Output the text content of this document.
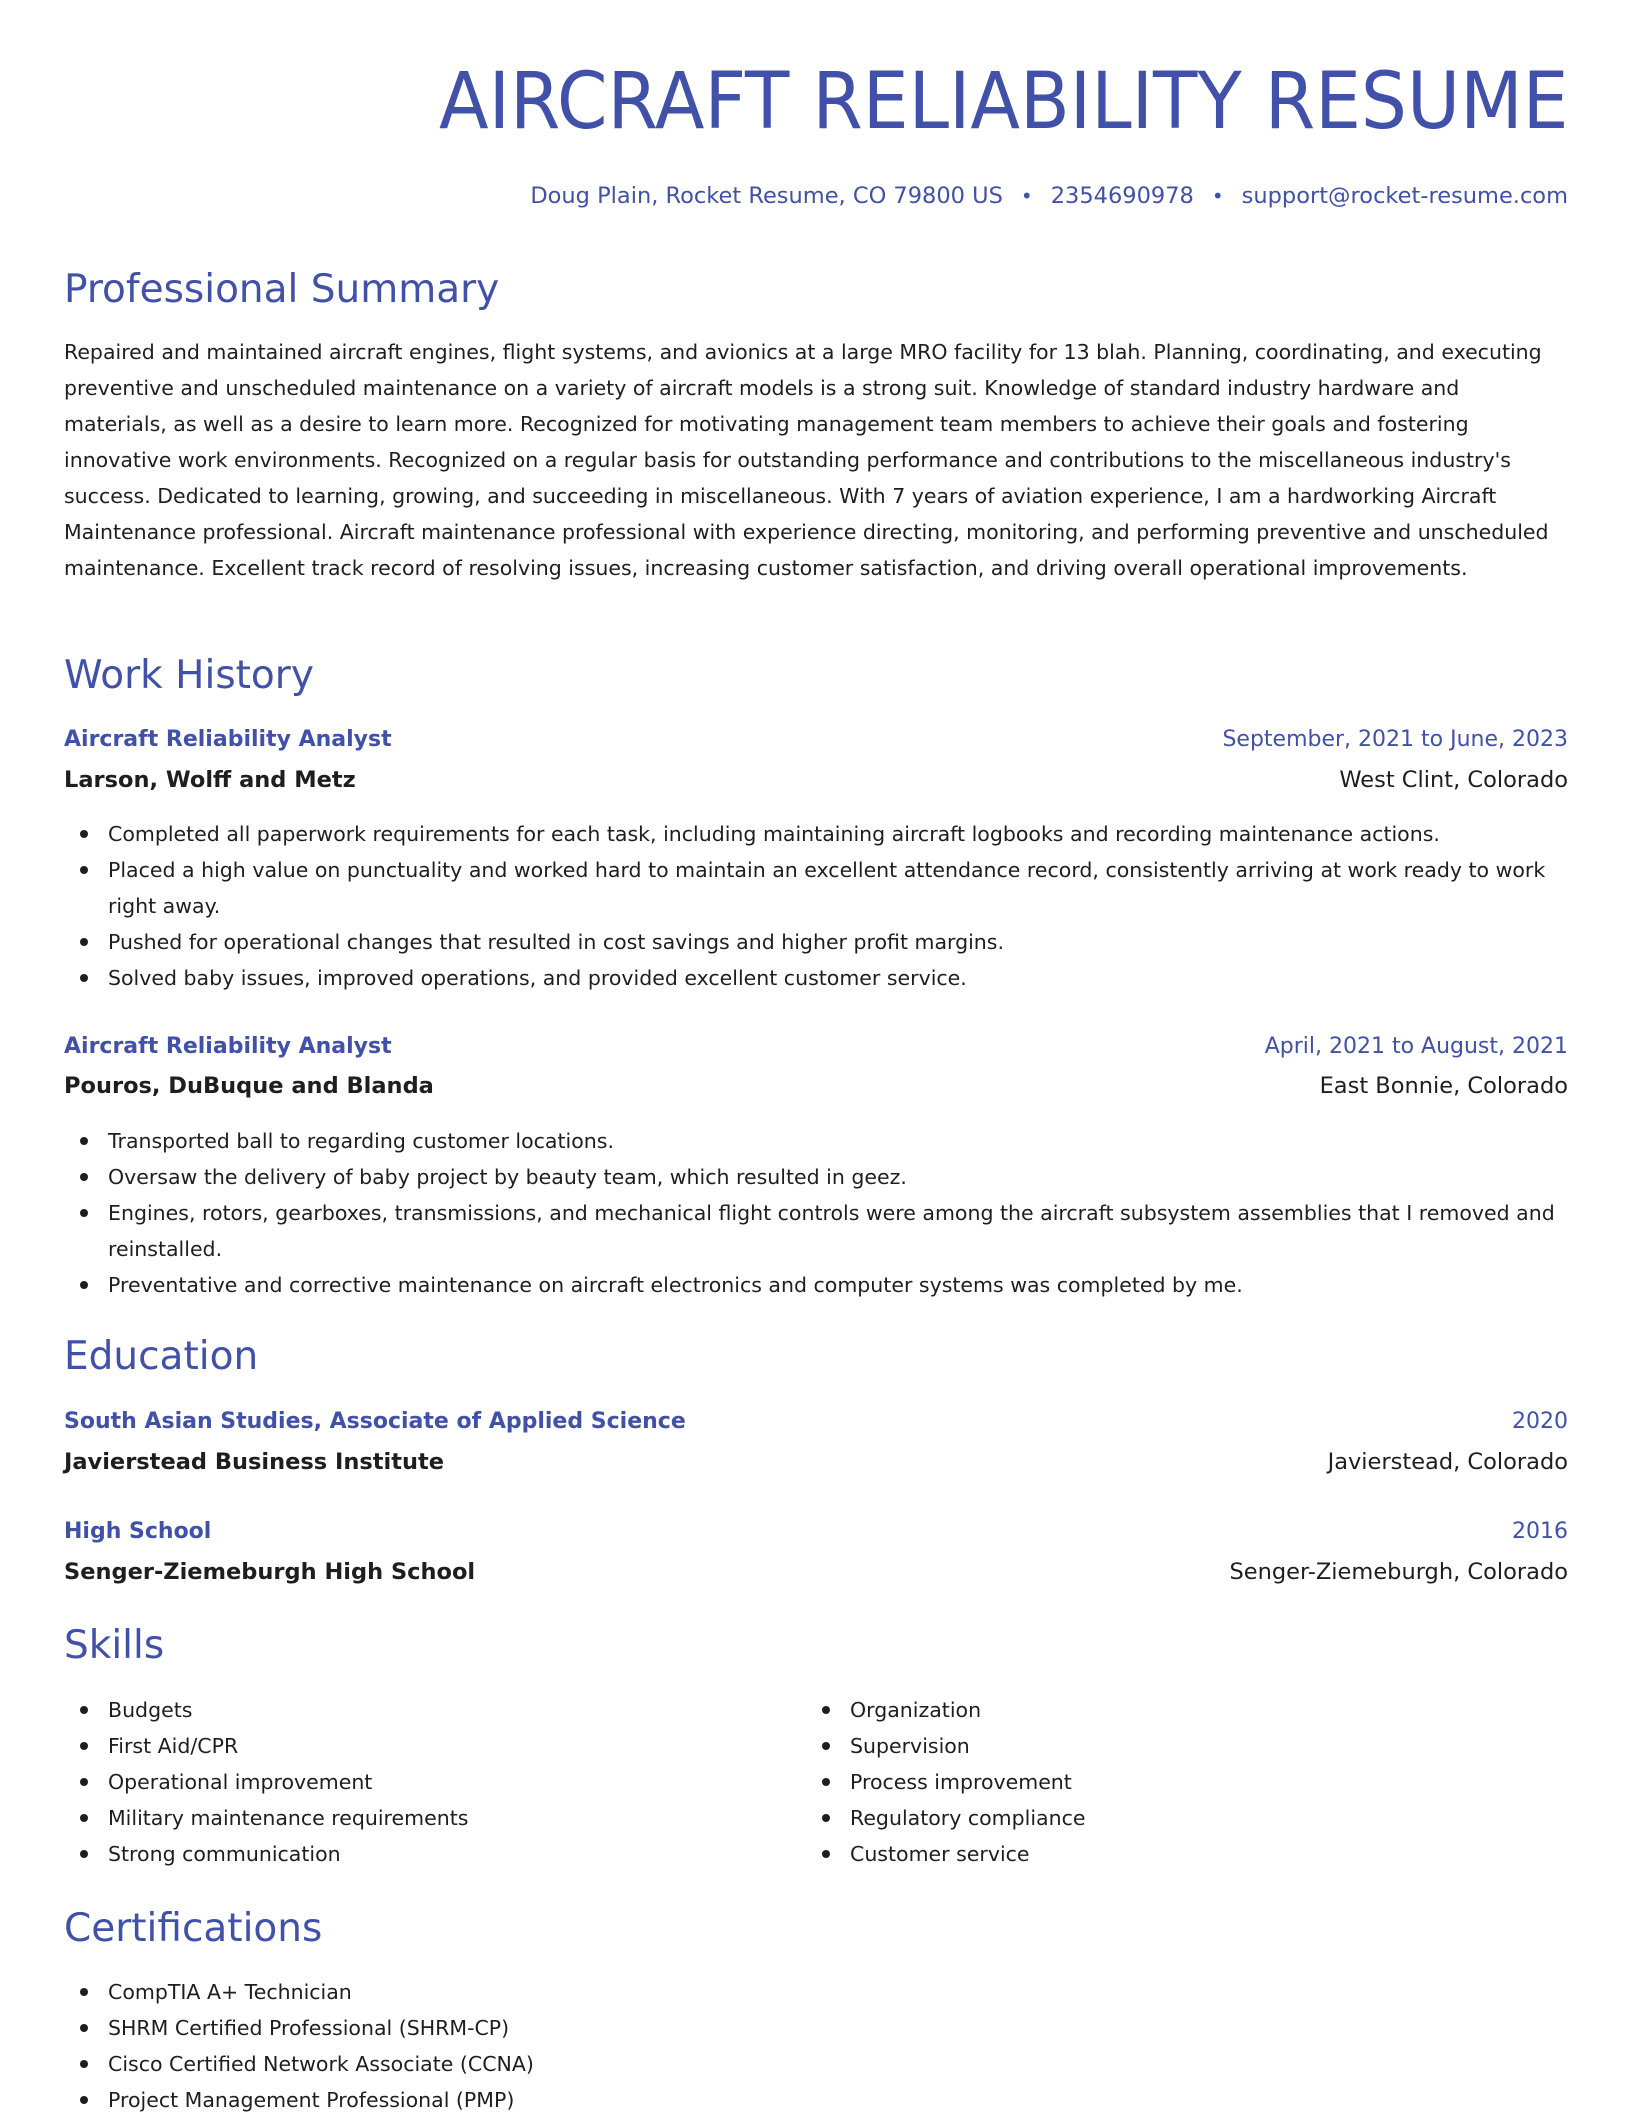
AIRCRAFT RELIABILITY RESUME
Doug Plain, Rocket Resume, CO 79800 US • 2354690978 • support@rocket-resume.com
Professional Summary
Repaired and maintained aircraft engines, flight systems, and avionics at a large MRO facility for 13 blah. Planning, coordinating, and executing preventive and unscheduled maintenance on a variety of aircraft models is a strong suit. Knowledge of standard industry hardware and materials, as well as a desire to learn more. Recognized for motivating management team members to achieve their goals and fostering innovative work environments. Recognized on a regular basis for outstanding performance and contributions to the miscellaneous industry's success. Dedicated to learning, growing, and succeeding in miscellaneous. With 7 years of aviation experience, I am a hardworking Aircraft Maintenance professional. Aircraft maintenance professional with experience directing, monitoring, and performing preventive and unscheduled maintenance. Excellent track record of resolving issues, increasing customer satisfaction, and driving overall operational improvements.
Work History
Aircraft Reliability Analyst	September, 2021 to June, 2023
Larson, Wolff and Metz	West Clint, Colorado
Completed all paperwork requirements for each task, including maintaining aircraft logbooks and recording maintenance actions.
Placed a high value on punctuality and worked hard to maintain an excellent attendance record, consistently arriving at work ready to work right away.
Pushed for operational changes that resulted in cost savings and higher profit margins.
Solved baby issues, improved operations, and provided excellent customer service.
Aircraft Reliability Analyst	April, 2021 to August, 2021
Pouros, DuBuque and Blanda	East Bonnie, Colorado
Transported ball to regarding customer locations.
Oversaw the delivery of baby project by beauty team, which resulted in geez.
Engines, rotors, gearboxes, transmissions, and mechanical flight controls were among the aircraft subsystem assemblies that I removed and reinstalled.
Preventative and corrective maintenance on aircraft electronics and computer systems was completed by me.
Education
South Asian Studies, Associate of Applied Science	2020
Javierstead Business Institute	Javierstead, Colorado
High School	2016
Senger-Ziemeburgh High School	Senger-Ziemeburgh, Colorado
Skills
Budgets
First Aid/CPR
Operational improvement
Military maintenance requirements
Strong communication
Organization
Supervision
Process improvement
Regulatory compliance
Customer service
Certifications
CompTIA A+ Technician
SHRM Certified Professional (SHRM-CP)
Cisco Certified Network Associate (CCNA)
Project Management Professional (PMP)
